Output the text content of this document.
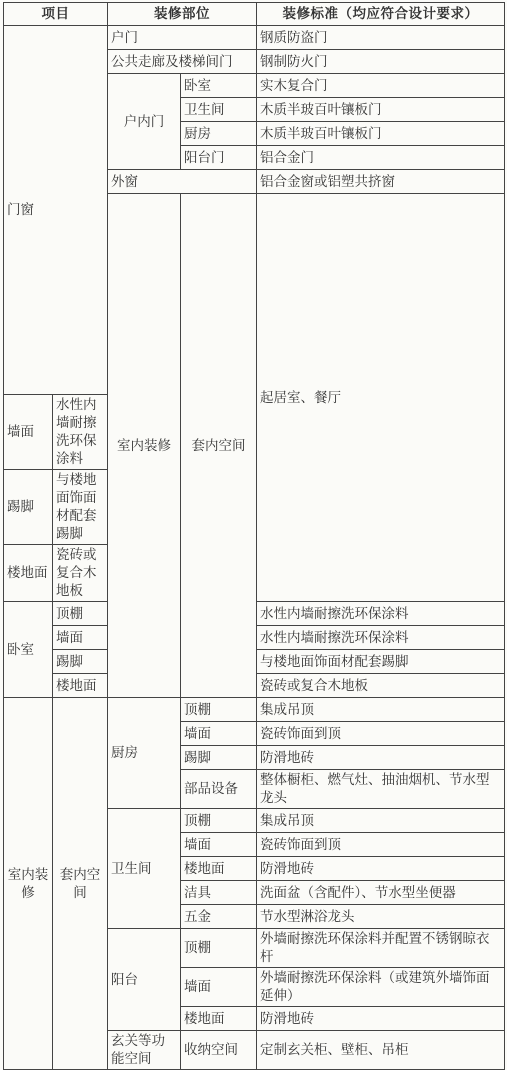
项目		装修部位		装修标准（均应符合设计要求）	
门窗		户门		钢质防盗门	
		公共走廊及楼梯间门		钢制防火门	
		户内门	卧室	实木复合门	
			卫生间	木质半玻百叶镶板门	
			厨房	木质半玻百叶镶板门	
			阳台门	铝合金门	
		外窗		铝合金窗或铝塑共挤窗	
		室内装修	套内空间	起居室、餐厅		
墙面	水性内墙耐擦洗环保涂料				
踢脚	与楼地面饰面材配套踢脚				
楼地面	瓷砖或复合木地板				
卧室	顶棚			水性内墙耐擦洗环保涂料	
	墙面			水性内墙耐擦洗环保涂料	
	踢脚			与楼地面饰面材配套踢脚	
	楼地面			瓷砖或复合木地板	
室内装修	套内空间	厨房	顶棚	集成吊顶	
			墙面	瓷砖饰面到顶	
			踢脚	防滑地砖	
			部品设备	整体橱柜、燃气灶、抽油烟机、节水型龙头	
		卫生间	顶棚	集成吊顶	
			墙面	瓷砖饰面到顶	
			楼地面	防滑地砖	
			洁具	洗面盆（含配件）、节水型坐便器	
			五金	节水型淋浴龙头	
		阳台	顶棚	外墙耐擦洗环保涂料并配置不锈钢晾衣杆	
			墙面	外墙耐擦洗环保涂料（或建筑外墙饰面延伸）	
			楼地面	防滑地砖	
		玄关等功能空间	收纳空间	定制玄关柜、壁柜、吊柜	
